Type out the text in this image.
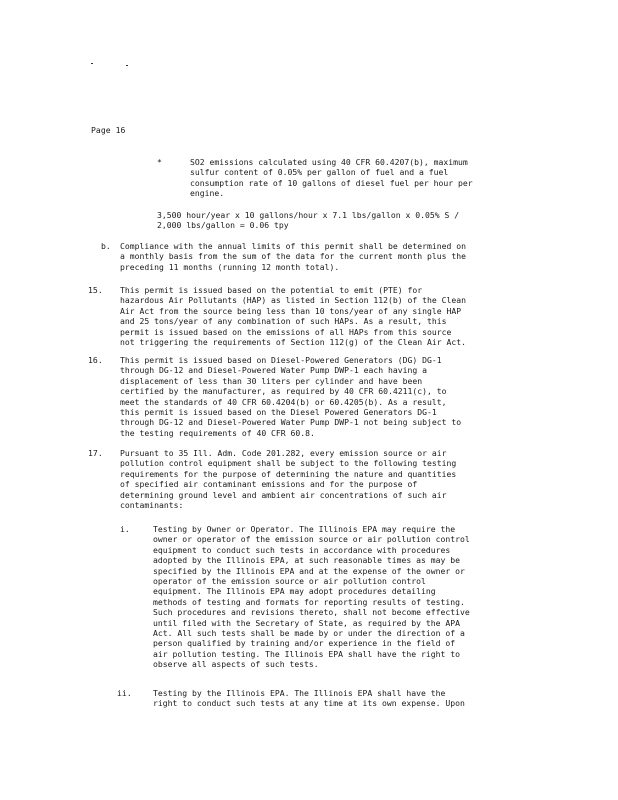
Page 16
*	SO2 emissions calculated using 40 CFR 60.4207(b), maximum
sulfur content of 0.05% per gallon of fuel and a fuel
consumption rate of 10 gallons of diesel fuel per hour per
engine.
3,500 hour/year x 10 gallons/hour x 7.1 lbs/gallon x 0.05% S /
2,000 lbs/gallon = 0.06 tpy
b. Compliance with the annual limits of this permit shall be determined on
a monthly basis from the sum of the data for the current month plus the
preceding 11 months (running 12 month total).
15. This permit is issued based on the potential to emit (PTE) for
hazardous Air Pollutants (HAP) as listed in Section 112(b) of the Clean
Air Act from the source being less than 10 tons/year of any single HAP
and 25 tons/year of any combination of such HAPs. As a result, this
permit is issued based on the emissions of all HAPs from this source
not triggering the requirements of Section 112(g) of the Clean Air Act.
16. This permit is issued based on Diesel-Powered Generators (DG) DG-1
through DG-12 and Diesel-Powered Water Pump DWP-1 each having a
displacement of less than 30 liters per cylinder and have been
certified by the manufacturer, as required by 40 CFR 60.4211(c), to
meet the standards of 40 CFR 60.4204(b) or 60.4205(b). As a result,
this permit is issued based on the Diesel Powered Generators DG-1
through DG-12 and Diesel-Powered Water Pump DWP-1 not being subject to
the testing requirements of 40 CFR 60.8.
17. Pursuant to 35 Ill. Adm. Code 201.282, every emission source or air
pollution control equipment shall be subject to the following testing
requirements for the purpose of determining the nature and quantities
of specified air contaminant emissions and for the purpose of
determining ground level and ambient air concentrations of such air
contaminants:
i.	Testing by Owner or Operator. The Illinois EPA may require the
owner or operator of the emission source or air pollution control
equipment to conduct such tests in accordance with procedures
adopted by the Illinois EPA, at such reasonable times as may be
specified by the Illinois EPA and at the expense of the owner or
operator of the emission source or air pollution control
equipment. The Illinois EPA may adopt procedures detailing
methods of testing and formats for reporting results of testing.
Such procedures and revisions thereto, shall not become effective
until filed with the Secretary of State, as required by the APA
Act. All such tests shall be made by or under the direction of a
person qualified by training and/or experience in the field of
air pollution testing. The Illinois EPA shall have the right to
observe all aspects of such tests.
ii.	Testing by the Illinois EPA. The Illinois EPA shall have the
right to conduct such tests at any time at its own expense. Upon
